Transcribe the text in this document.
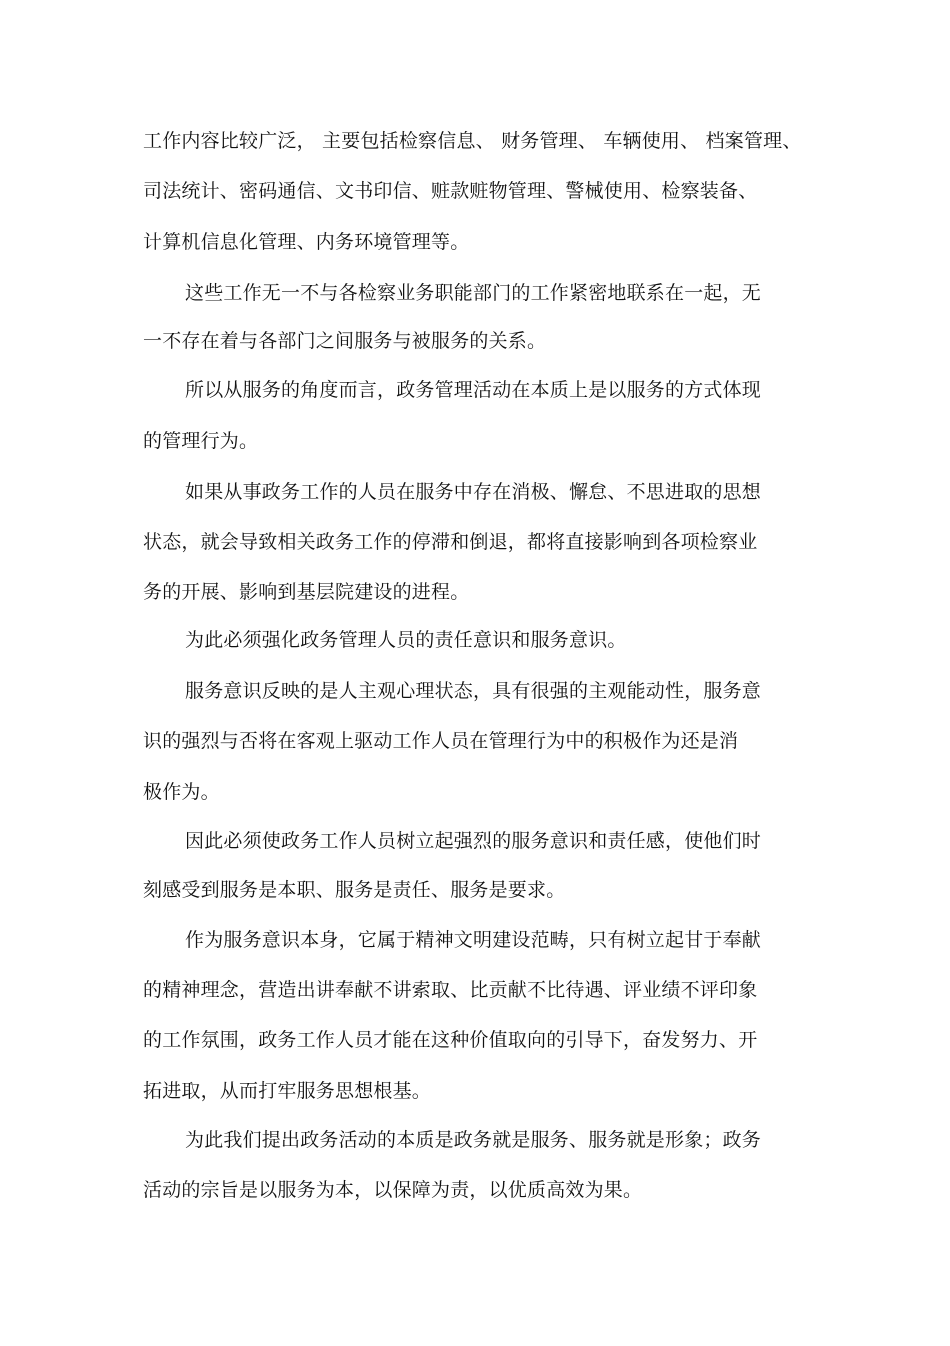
工作内容比较广泛， 主要包括检察信息、 财务管理、 车辆使用、 档案管理、
司法统计、密码通信、文书印信、赃款赃物管理、警械使用、检察装备、
计算机信息化管理、内务环境管理等。
这些工作无一不与各检察业务职能部门的工作紧密地联系在一起，无
一不存在着与各部门之间服务与被服务的关系。
所以从服务的角度而言，政务管理活动在本质上是以服务的方式体现
的管理行为。
如果从事政务工作的人员在服务中存在消极、懈怠、不思进取的思想
状态，就会导致相关政务工作的停滞和倒退，都将直接影响到各项检察业
务的开展、影响到基层院建设的进程。
为此必须强化政务管理人员的责任意识和服务意识。
服务意识反映的是人主观心理状态，具有很强的主观能动性，服务意
识的强烈与否将在客观上驱动工作人员在管理行为中的积极作为还是消
极作为。
因此必须使政务工作人员树立起强烈的服务意识和责任感，使他们时
刻感受到服务是本职、服务是责任、服务是要求。
作为服务意识本身，它属于精神文明建设范畴，只有树立起甘于奉献
的精神理念，营造出讲奉献不讲索取、比贡献不比待遇、评业绩不评印象
的工作氛围，政务工作人员才能在这种价值取向的引导下，奋发努力、开
拓进取，从而打牢服务思想根基。
为此我们提出政务活动的本质是政务就是服务、服务就是形象；政务
活动的宗旨是以服务为本，以保障为责，以优质高效为果。
